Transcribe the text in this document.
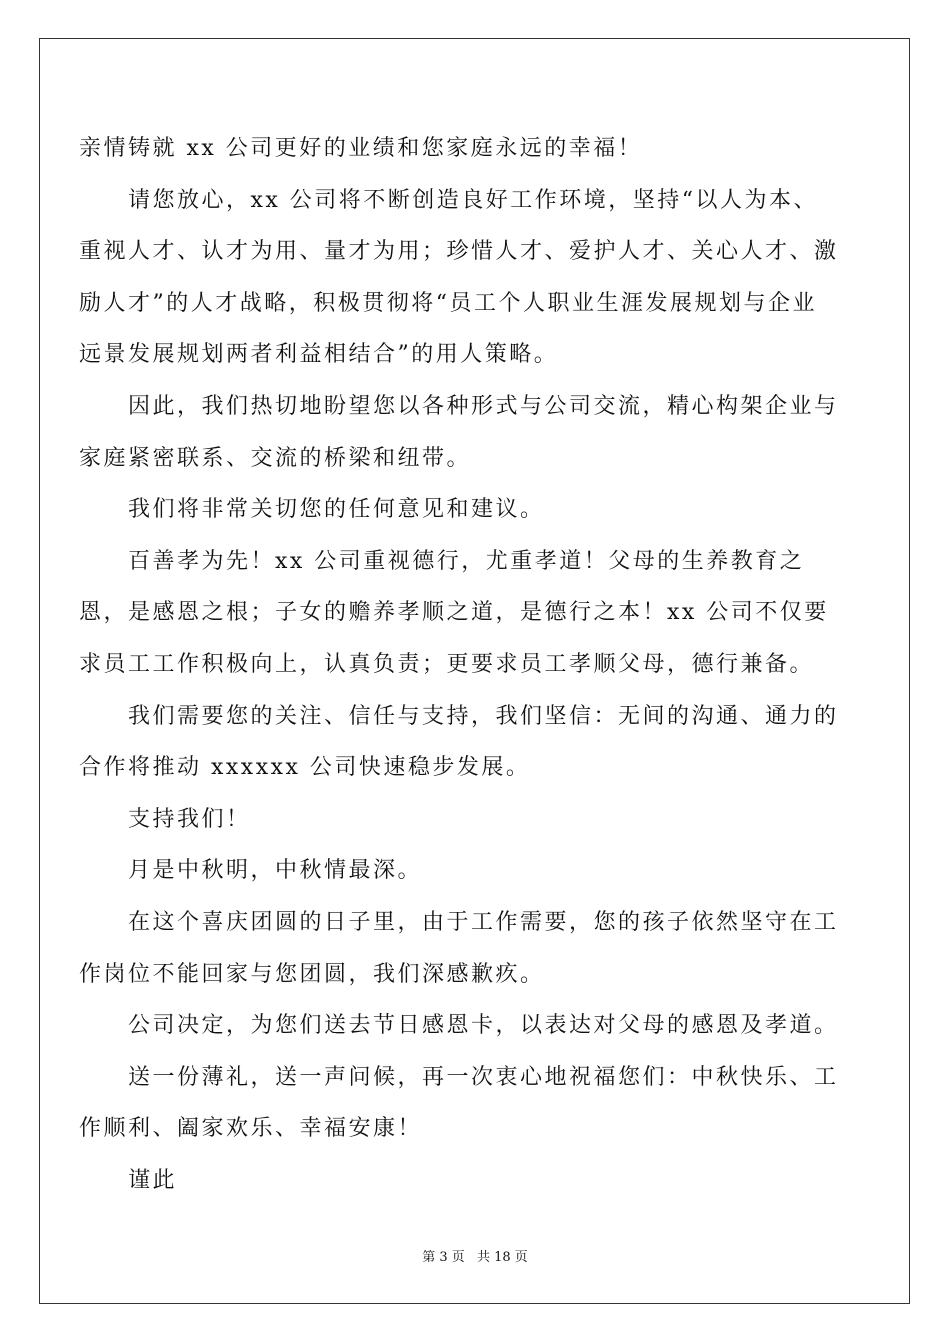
亲情铸就 xx 公司更好的业绩和您家庭永远的幸福！

请您放心，xx 公司将不断创造良好工作环境，坚持“以人为本、重视人才、认才为用、量才为用；珍惜人才、爱护人才、关心人才、激励人才”的人才战略，积极贯彻将“员工个人职业生涯发展规划与企业远景发展规划两者利益相结合”的用人策略。

因此，我们热切地盼望您以各种形式与公司交流，精心构架企业与家庭紧密联系、交流的桥梁和纽带。

我们将非常关切您的任何意见和建议。

百善孝为先！xx 公司重视德行，尤重孝道！父母的生养教育之恩，是感恩之根；子女的赡养孝顺之道，是德行之本！xx 公司不仅要求员工工作积极向上，认真负责；更要求员工孝顺父母，德行兼备。

我们需要您的关注、信任与支持，我们坚信：无间的沟通、通力的合作将推动 xxxxxx 公司快速稳步发展。

支持我们！

月是中秋明，中秋情最深。

在这个喜庆团圆的日子里，由于工作需要，您的孩子依然坚守在工作岗位不能回家与您团圆，我们深感歉疚。

公司决定，为您们送去节日感恩卡，以表达对父母的感恩及孝道。

送一份薄礼，送一声问候，再一次衷心地祝福您们：中秋快乐、工作顺利、阖家欢乐、幸福安康！

谨此

第 3 页 共 18 页
